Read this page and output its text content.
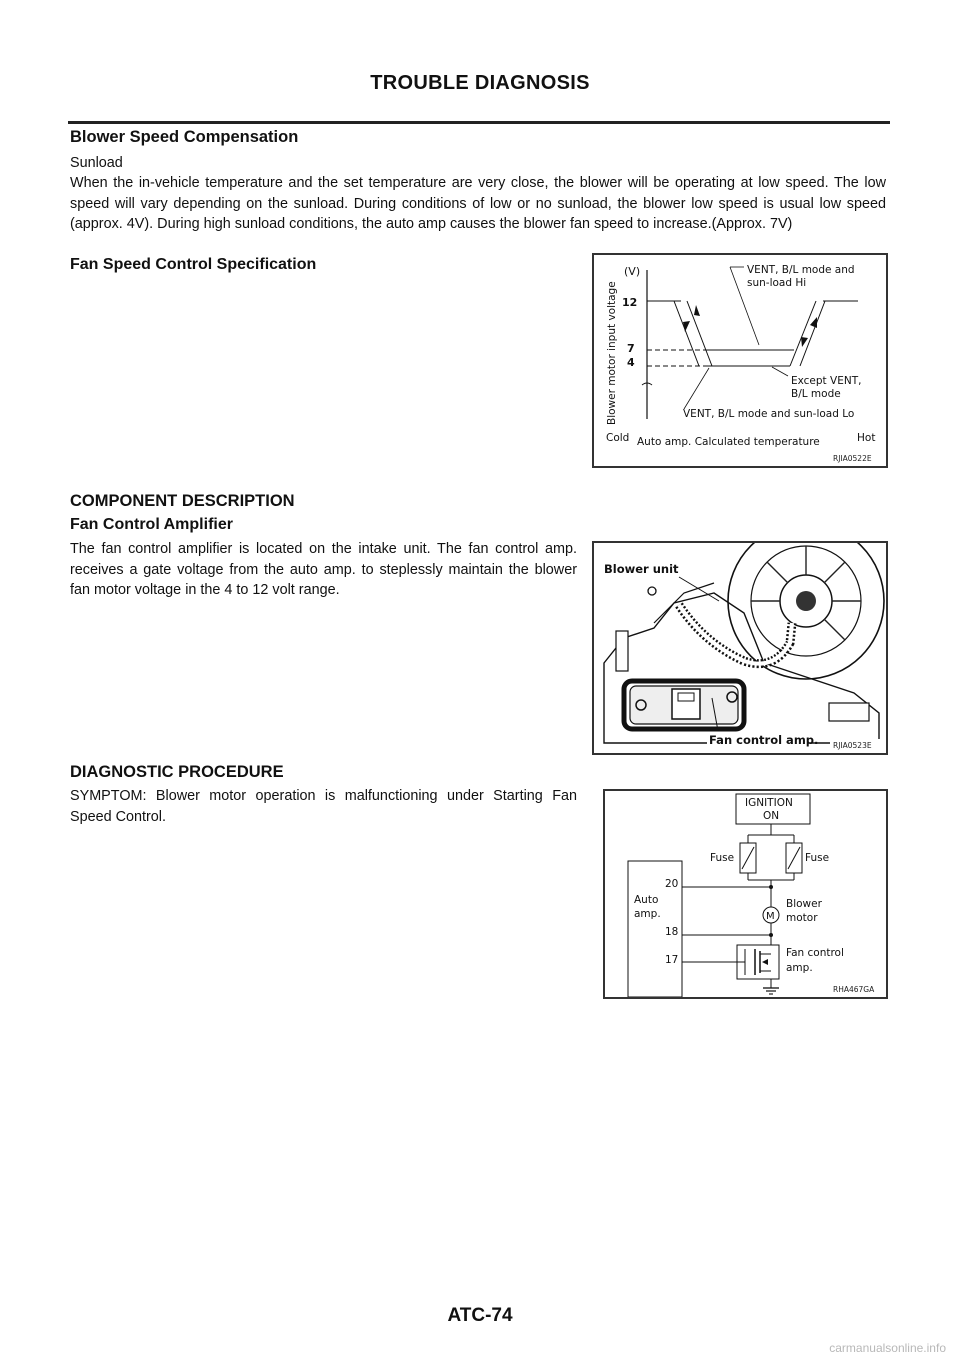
TROUBLE DIAGNOSIS
Blower Speed Compensation
Sunload
When the in-vehicle temperature and the set temperature are very close, the blower will be operating at low speed. The low speed will vary depending on the sunload. During conditions of low or no sunload, the blower low speed is usual low speed (approx. 4V). During high sunload conditions, the auto amp causes the blower fan speed to increase.(Approx. 7V)
Fan Speed Control Specification
Blower motor input voltage
(V)
12
7
4
VENT, B/L mode and
sun-load Hi
Except VENT,
B/L mode
VENT, B/L mode and sun-load Lo
Cold Auto amp. Calculated temperature	Hot
RJIA0522E
COMPONENT DESCRIPTION
Fan Control Amplifier
The fan control amplifier is located on the intake unit. The fan control amp. receives a gate voltage from the auto amp. to steplessly maintain the blower fan motor voltage in the 4 to 12 volt range.
Blower unit
Fan control amp. RJIA0523E
DIAGNOSTIC PROCEDURE
SYMPTOM: Blower motor operation is malfunctioning under Starting Fan Speed Control.
IGNITION
ON
Fuse	Fuse
Auto
amp.
20
18
17
M
Blower
motor
Fan control
amp.
RHA467GA
ATC-74
carmanualsonline.info
